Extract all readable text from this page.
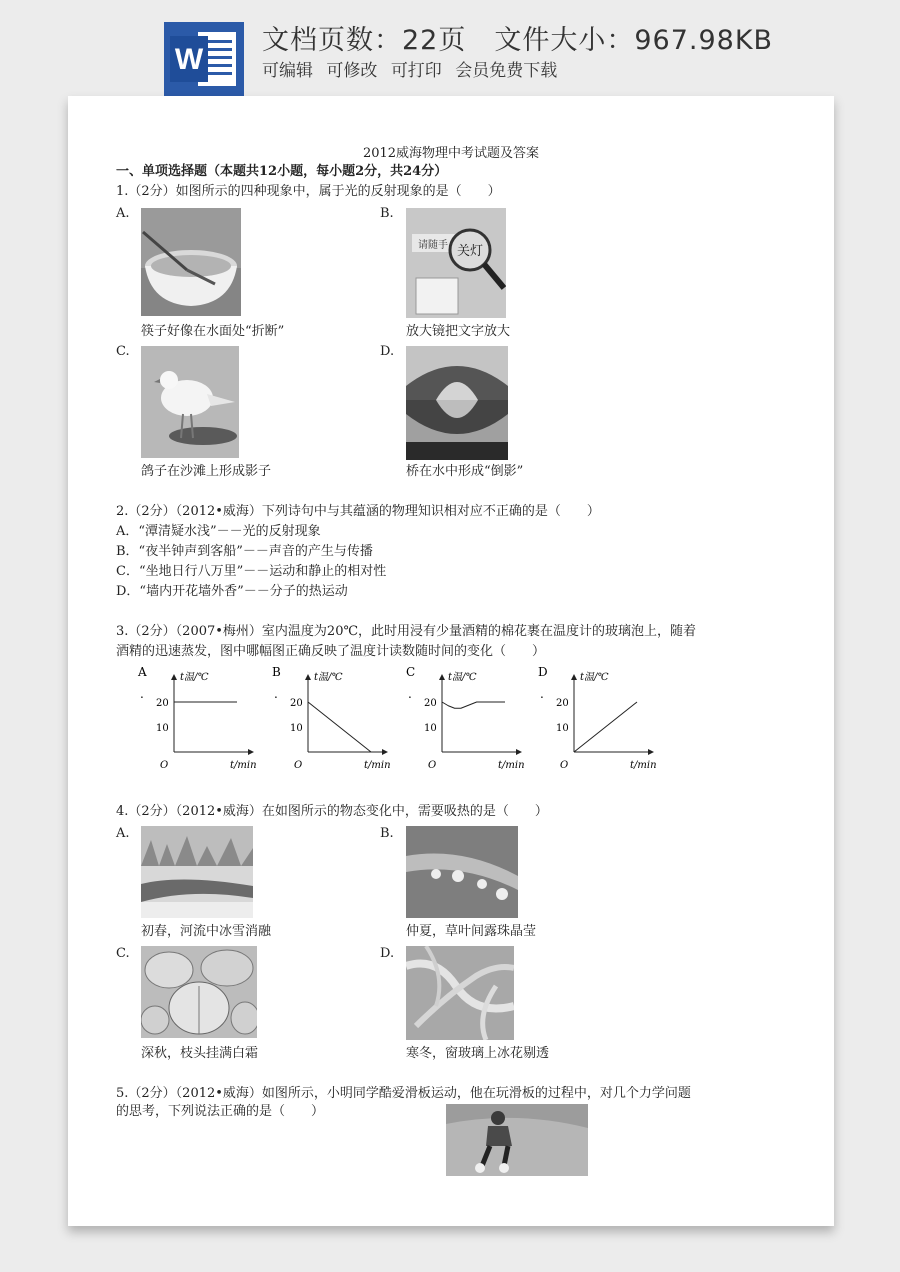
W
文档页数：22页 文件大小：967.98KB
可编辑 可修改 可打印 会员免费下载
2012威海物理中考试题及答案
一、单项选择题（本题共12小题，每小题2分，共24分）
1.（2分）如图所示的四种现象中，属于光的反射现象的是（　　）
A.	B.
请随手 关灯
筷子好像在水面处“折断”	放大镜把文字放大
C.	D.
鸽子在沙滩上形成影子	桥在水中形成“倒影”
2.（2分）（2012•威海）下列诗句中与其蕴涵的物理知识相对应不正确的是（　　）
A．“潭清疑水浅”－－光的反射现象
B．“夜半钟声到客船”－－声音的产生与传播
C．“坐地日行八万里”－－运动和静止的相对性
D．“墙内开花墙外香”－－分子的热运动
3.（2分）（2007•梅州）室内温度为20℃，此时用浸有少量酒精的棉花裹在温度计的玻璃泡上，随着
酒精的迅速蒸发，图中哪幅图正确反映了温度计读数随时间的变化（　　）
A
.
t温/℃
t/min
O
10
20
B
.
t温/℃
t/min
O
10
20
C
.
t温/℃
t/min
O
10
20
D
.
t温/℃
t/min
O
10
20
4.（2分）（2012•威海）在如图所示的物态变化中，需要吸热的是（　　）
A.	B.
初春，河流中冰雪消融	仲夏，草叶间露珠晶莹
C.	D.
深秋，枝头挂满白霜	寒冬，窗玻璃上冰花剔透
5.（2分）（2012•威海）如图所示，小明同学酷爱滑板运动，他在玩滑板的过程中，对几个力学问题
的思考，下列说法正确的是（　　）
